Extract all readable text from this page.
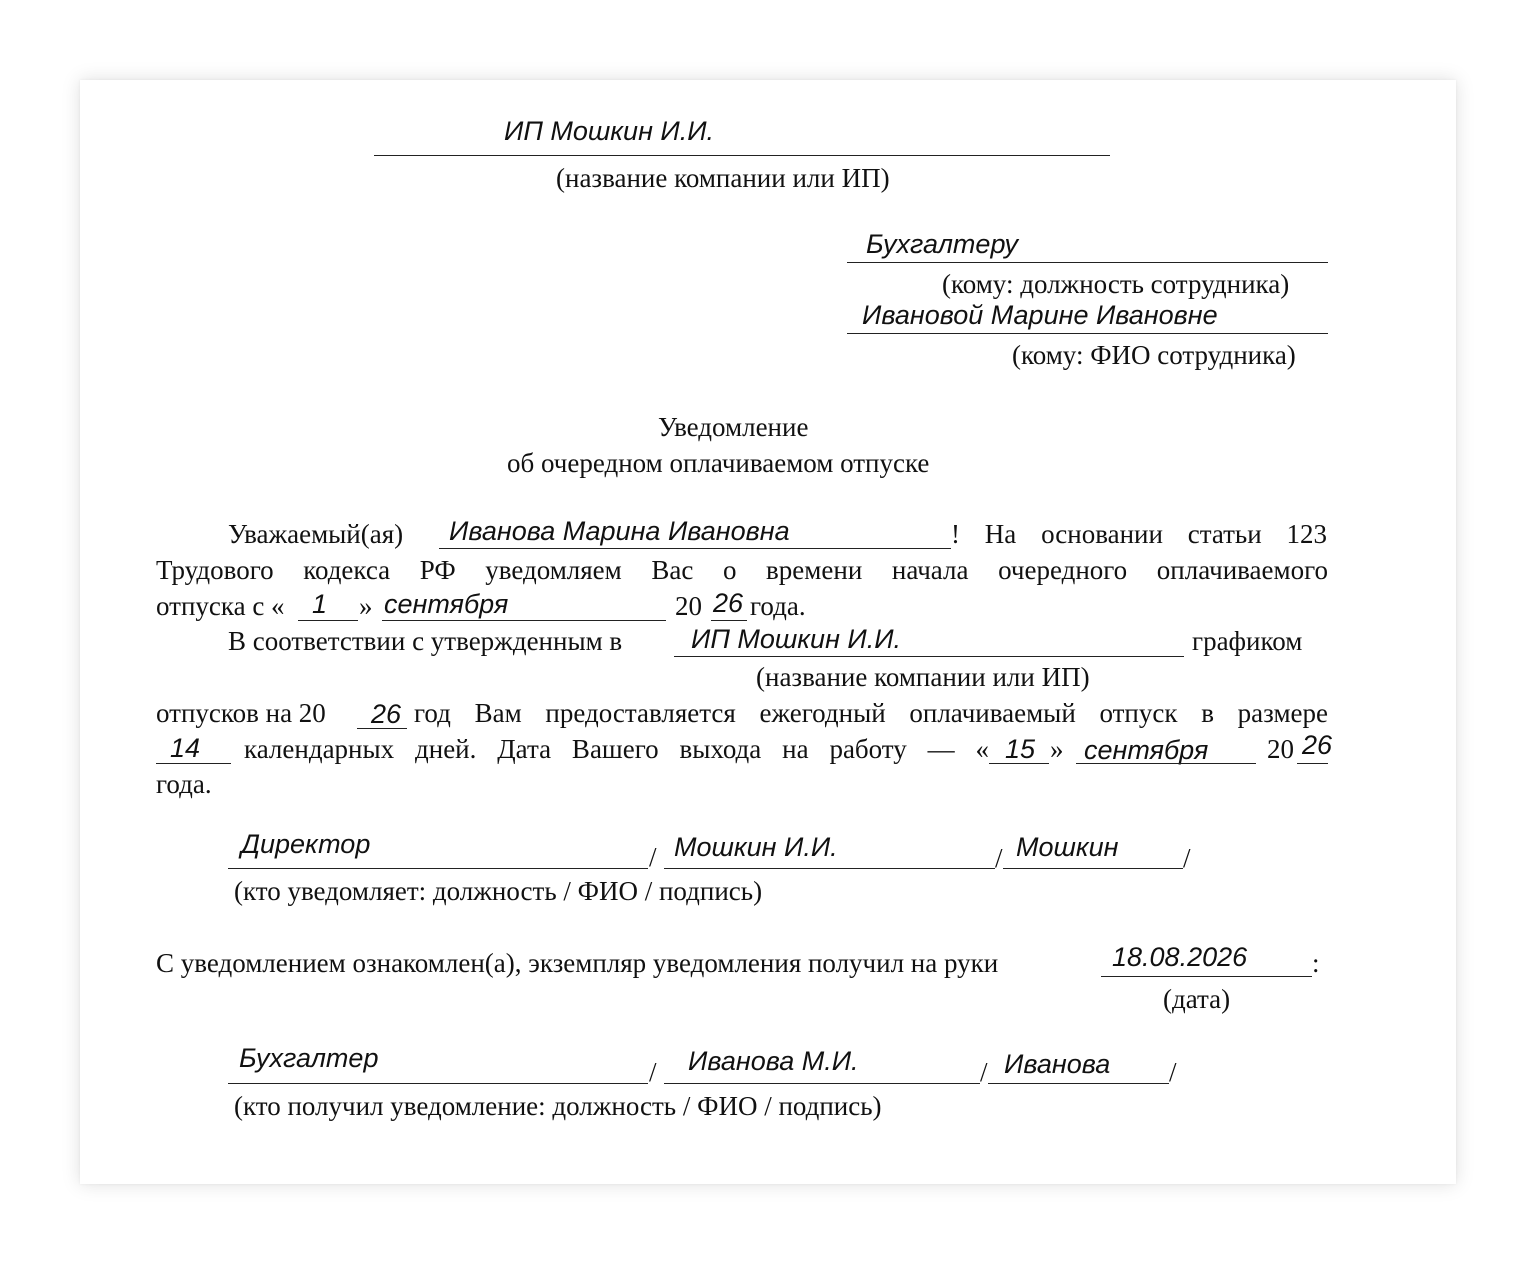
ИП Мошкин И.И.
(название компании или ИП)
Бухгалтеру
(кому: должность сотрудника)
Ивановой Марине Ивановне
(кому: ФИО сотрудника)
Уведомление
об очередном оплачиваемом отпуске
Уважаемый(ая) Иванова Марина Ивановна	! На основании статьи 123
Трудового кодекса РФ уведомляем Вас о времени начала очередного оплачиваемого
отпуска с « 1 » сентября	20 26 года.
В соответствии с утвержденным в	ИП Мошкин И.И.	графиком
(название компании или ИП)
отпусков на 20 26 год Вам предоставляется ежегодный оплачиваемый отпуск в размере
14 календарных дней. Дата Вашего выхода на работу — « 15 » сентября 20 26
года.
Директор	/ Мошкин И.И.	/ Мошкин /
(кто уведомляет: должность / ФИО / подпись)
С уведомлением ознакомлен(а), экземпляр уведомления получил на руки	18.08.2026 :
(дата)
Бухгалтер	/ Иванова М.И.	/ Иванова /
(кто получил уведомление: должность / ФИО / подпись)
